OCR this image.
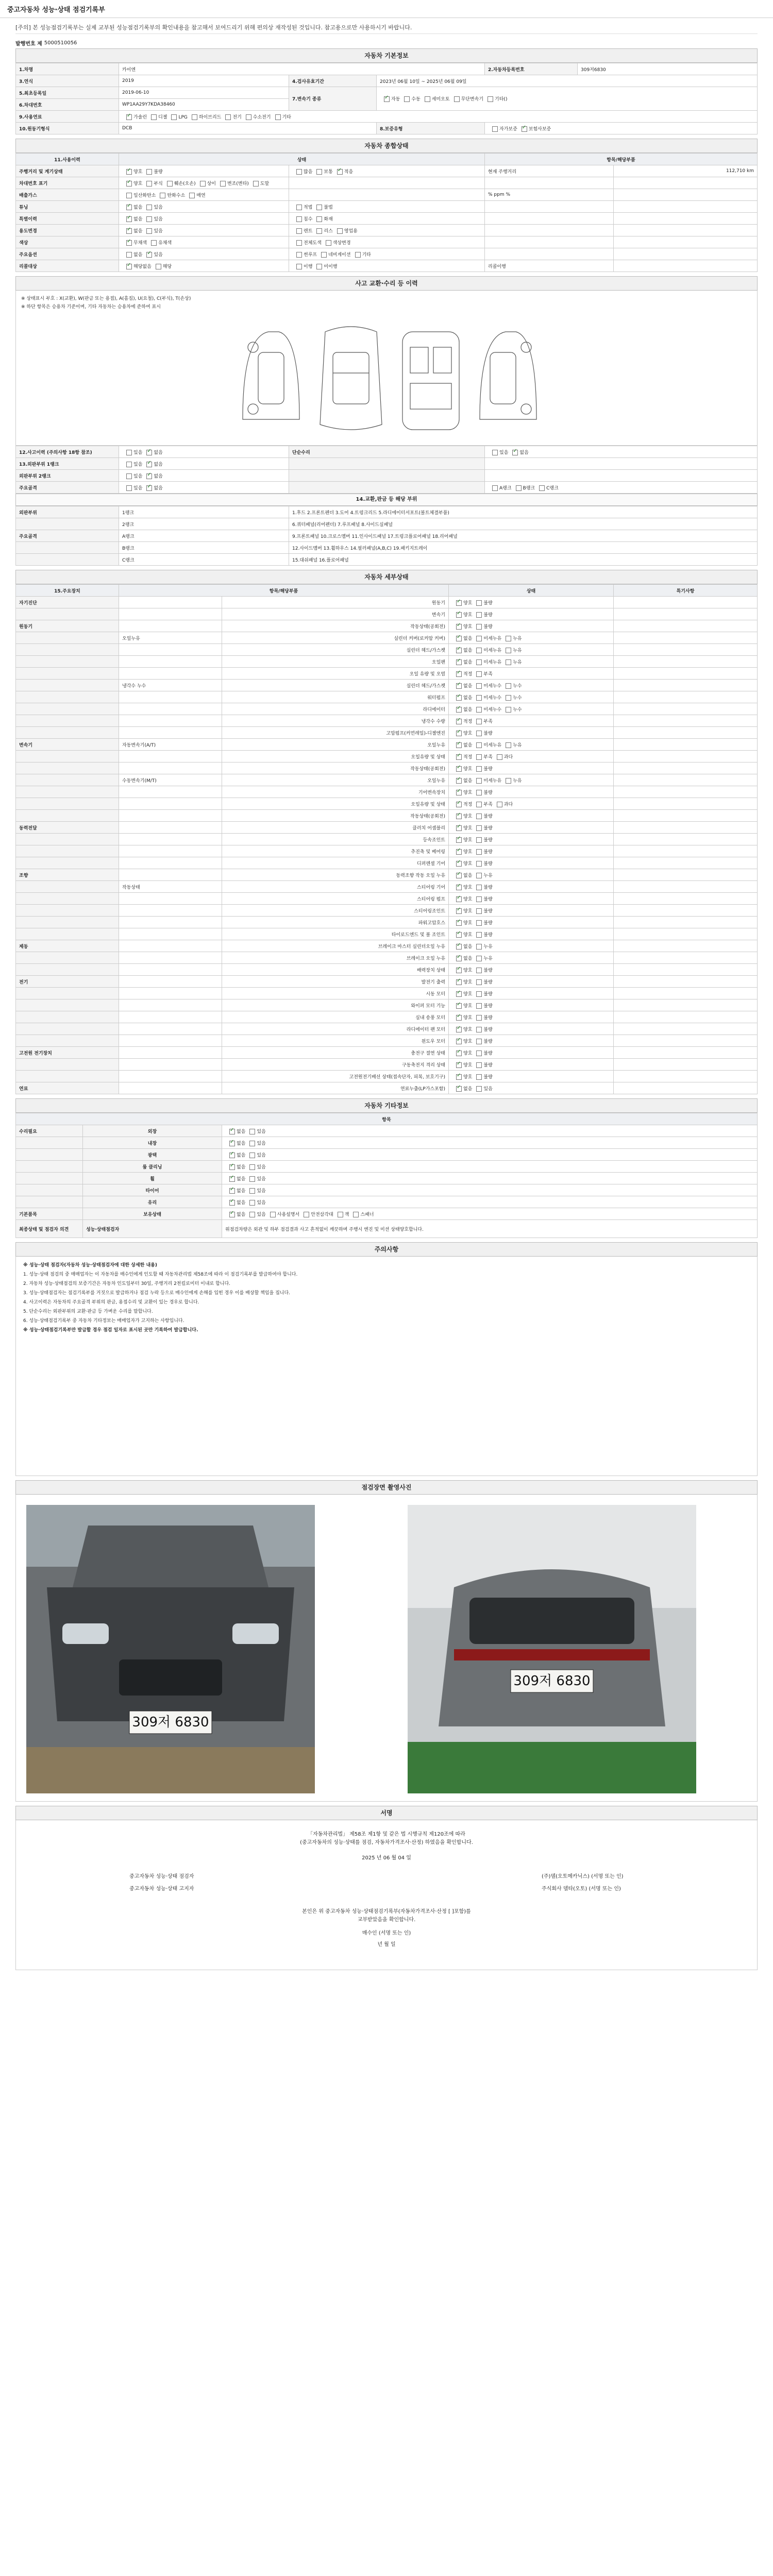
중고자동차 성능·상태 점검기록부
[주의] 본 성능점검기록부는 실제 교부된 성능점검기록부의 확인내용을 참고해서 보여드리기 위해 편의상 재작성된 것입니다. 참고용으로만 사용하시기 바랍니다.
발행번호 제 5000510056
자동차 기본정보
1.차명	카이엔			2.자동차등록번호	309저6830
3.연식	2019	4.검사유효기간	2023년 06월 10일 ~ 2025년 06월 09일		
5.최초등록일	2019-06-10	7.변속기 종류	✓자동 수동 세미오토 무단변속기 기타()
6.차대번호	WP1AA29Y7KDA38460				
9.사용연료	✓가솔린 디젤 LPG 하이브리드 전기 수소전기 기타
10.원동기형식	DCB		8.보증유형	자가보증 ✓ 보험사보증
자동차 종합상태
11.사용이력	상태		항목/해당부품	
주행거리 및 계기상태	✓양호 불량	많음 보통 ✓ 적음	현재 주행거리	112,710 km
차대번호 표기	✓양호 부식 훼손(오손) 상이 변조(변타) 도말			
배출가스	일산화탄소 탄화수소 매연		% ppm %	
튜닝	✓없음 있음	적법 불법		
특별이력	✓없음 있음	침수 화재		
용도변경	✓없음 있음	렌트 리스 영업용		
색상	✓무채색 유채색	전체도색 색상변경		
주요옵션	없음 ✓ 있음	썬루프 네비게이션 기타		
리콜대상	✓해당없음 해당	이행 미이행	리콜이행	
사고 교환·수리 등 이력
※ 상태표시 부호 : X(교환), W(판금 또는 용접), A(흠집), U(요철), C(부식), T(손상)
※ 하단 항목은 승용차 기준이며, 기타 자동차는 승용차에 준하여 표시
12.사고이력 (주의사항 18항 참조)	있음 ✓ 없음	단순수리	있음 ✓ 없음
13.외판부위 1랭크	있음 ✓ 없음		
외판부위 2랭크	있음 ✓ 없음		
주요골격	있음 ✓ 없음		A랭크 B랭크 C랭크
14.교환,판금 등 해당 부위
외판부위	1랭크	1.후드 2.프론트펜더 3.도어 4.트렁크리드 5.라디에이터서포트(볼트체결부품)
	2랭크	6.쿼터패널(리어펜더) 7.루프패널 8.사이드실패널
주요골격	A랭크	9.프론트패널 10.크로스멤버 11.인사이드패널 17.트렁크플로어패널 18.리어패널
	B랭크	12.사이드멤버 13.휠하우스 14.필러패널(A,B,C) 19.패키지트레이
	C랭크	15.대쉬패널 16.플로어패널
자동차 세부상태
15.주요장치	항목/해당부품		상태	특기사항
자기진단		원동기	✓양호 불량	
		변속기	✓양호 불량	
원동기		작동상태(공회전)	✓양호 불량	
	오일누유	실린더 커버(로커암 커버)	✓없음 미세누유 누유	
		실린더 헤드/가스켓	✓없음 미세누유 누유	
		오일팬	✓없음 미세누유 누유	
		오일 유량 및 오염	✓적정 부족	
	냉각수 누수	실린더 헤드/가스켓	✓없음 미세누수 누수	
		워터펌프	✓없음 미세누수 누수	
		라디에이터	✓없음 미세누수 누수	
		냉각수 수량	✓적정 부족	
		고압펌프(커먼레일)-디젤엔진	✓양호 불량	
변속기	자동변속기(A/T)	오일누유	✓없음 미세누유 누유	
		오일유량 및 상태	✓적정 부족 과다	
		작동상태(공회전)	✓양호 불량	
	수동변속기(M/T)	오일누유	✓없음 미세누유 누유	
		기어변속장치	✓양호 불량	
		오일유량 및 상태	✓적정 부족 과다	
		작동상태(공회전)	✓양호 불량	
동력전달		클러치 어셈블리	✓양호 불량	
		등속조인트	✓양호 불량	
		추진축 및 베어링	✓양호 불량	
		디퍼렌셜 기어	✓양호 불량	
조향		동력조향 작동 오일 누유	✓없음 누유	
	작동상태	스티어링 기어	✓양호 불량	
		스티어링 펌프	✓양호 불량	
		스티어링조인트	✓양호 불량	
		파워고압호스	✓양호 불량	
		타이로드엔드 및 볼 조인트	✓양호 불량	
제동		브레이크 마스터 실린더오일 누유	✓없음 누유	
		브레이크 오일 누유	✓없음 누유	
		배력장치 상태	✓양호 불량	
전기		발전기 출력	✓양호 불량	
		시동 모터	✓양호 불량	
		와이퍼 모터 기능	✓양호 불량	
		실내 송풍 모터	✓양호 불량	
		라디에이터 팬 모터	✓양호 불량	
		윈도우 모터	✓양호 불량	
고전원 전기장치		충전구 절연 상태	✓양호 불량	
		구동축전지 격리 상태	✓양호 불량	
		고전원전기배선 상태(접속단자, 피복, 보호기구)	✓양호 불량	
연료		연료누출(LP가스포함)	✓없음 있음	
자동차 기타정보
항목		
수리필요	외장	✓없음 있음
	내장	✓없음 있음
	광택	✓없음 있음
	룸 클리닝	✓없음 있음
	휠	✓없음 있음
	타이어	✓없음 있음
	유리	✓없음 있음
기본품목	보유상태	✓없음 있음 사용설명서 안전삼각대 잭 스패너
최종상태 및 점검자 의견	성능·상태점검자	위점검차량은 외관 및 하부 점검결과 사고 흔적없이 깨끗하며 주행시 엔진 및 미션 상태양호합니다.
주의사항

※ 성능·상태 점검자(자동차 성능·상태점검자에 대한 상세한 내용)

1. 성능·상태 점검의 중 매매업자는 이 자동차를 매수인에게 인도할 때 자동차관리법 제58조에 따라 이 점검기록부를 발급하여야 합니다.

2. 자동차 성능·상태점검의 보증기간은 자동차 인도일부터 30일, 주행거리 2천킬로미터 이내로 합니다.

3. 성능·상태점검자는 점검기록부를 거짓으로 발급하거나 점검 누락 등으로 매수인에게 손해를 입힌 경우 이를 배상할 책임을 집니다.

4. 사고이력은 자동차의 주요골격 부위의 판금, 용접수리 및 교환이 있는 경우로 합니다.

5. 단순수리는 외판부위의 교환·판금 등 가벼운 수리를 말합니다.

6. 성능·상태점검기록부 중 자동차 기타정보는 매매업자가 고지하는 사항입니다.

※ 성능·상태점검기록부만 발급할 경우 점검 일자로 표시된 곳만 기록하여 발급합니다.

점검장면 촬영사진
309저 6830
309저 6830
서명
「자동차관리법」 제58조 제1항 및 같은 법 시행규칙 제120조에 따라
(중고자동차의 성능·상태를 점검, 자동차가격조사·산정) 하였음을 확인합니다.
2025 년 06 월 04 일
중고자동차 성능·상태 점검자	(주)델(오토메카닉스) (서명 또는 인)
중고자동차 성능·상태 고지자	주식회사 델타(오토) (서명 또는 인)
본인은 위 중고자동차 성능·상태점검기록부(자동차가격조사·산정 [ ]포함)를
교부받았음을 확인합니다.
매수인 (서명 또는 인)
년 월 일
